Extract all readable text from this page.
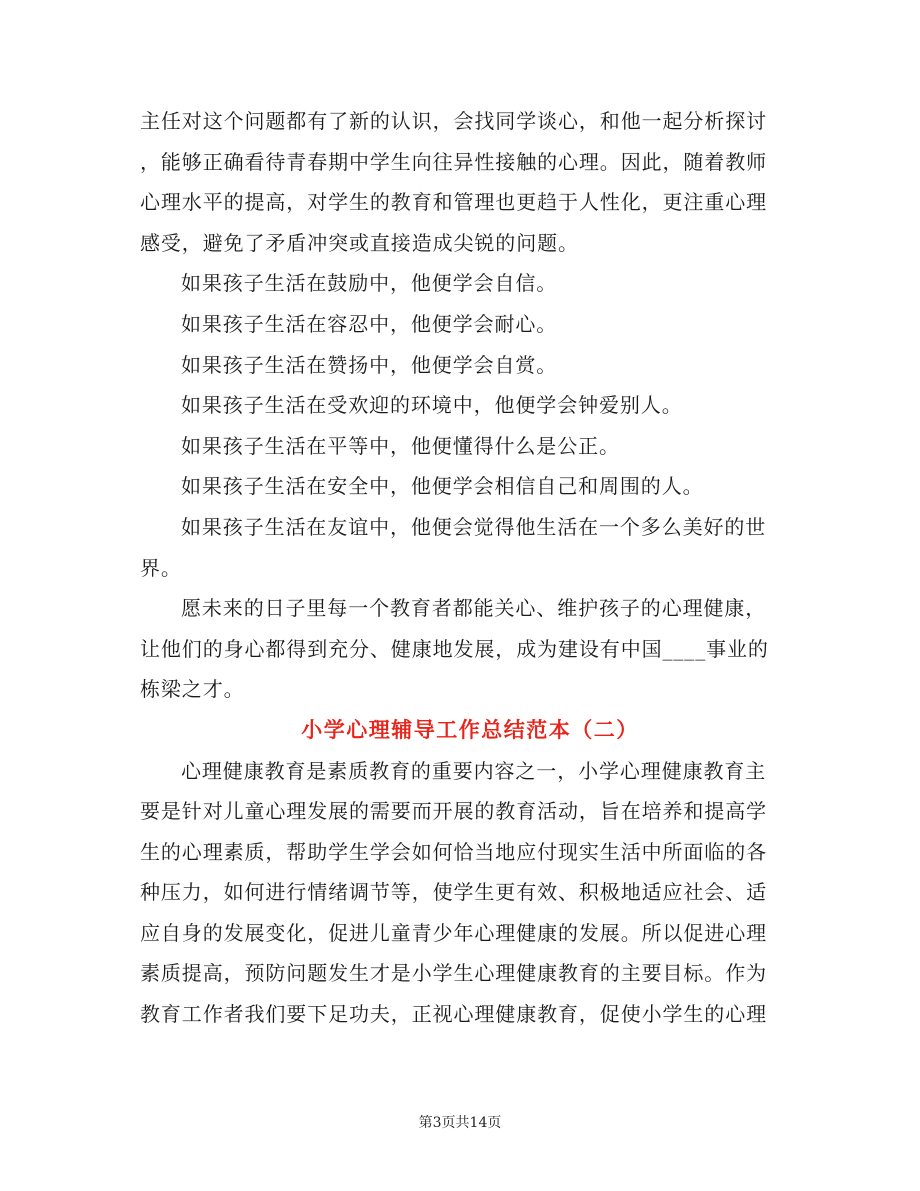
主任对这个问题都有了新的认识，会找同学谈心，和他一起分析探讨
，能够正确看待青春期中学生向往异性接触的心理。因此，随着教师
心理水平的提高，对学生的教育和管理也更趋于人性化，更注重心理
感受，避免了矛盾冲突或直接造成尖锐的问题。
如果孩子生活在鼓励中，他便学会自信。
如果孩子生活在容忍中，他便学会耐心。
如果孩子生活在赞扬中，他便学会自赏。
如果孩子生活在受欢迎的环境中，他便学会钟爱别人。
如果孩子生活在平等中，他便懂得什么是公正。
如果孩子生活在安全中，他便学会相信自己和周围的人。
如果孩子生活在友谊中，他便会觉得他生活在一个多么美好的世
界。
愿未来的日子里每一个教育者都能关心、维护孩子的心理健康，
让他们的身心都得到充分、健康地发展，成为建设有中国____事业的
栋梁之才。
小学心理辅导工作总结范本（二）
心理健康教育是素质教育的重要内容之一，小学心理健康教育主
要是针对儿童心理发展的需要而开展的教育活动，旨在培养和提高学
生的心理素质，帮助学生学会如何恰当地应付现实生活中所面临的各
种压力，如何进行情绪调节等，使学生更有效、积极地适应社会、适
应自身的发展变化，促进儿童青少年心理健康的发展。所以促进心理
素质提高，预防问题发生才是小学生心理健康教育的主要目标。作为
教育工作者我们要下足功夫，正视心理健康教育，促使小学生的心理
第3页共14页
